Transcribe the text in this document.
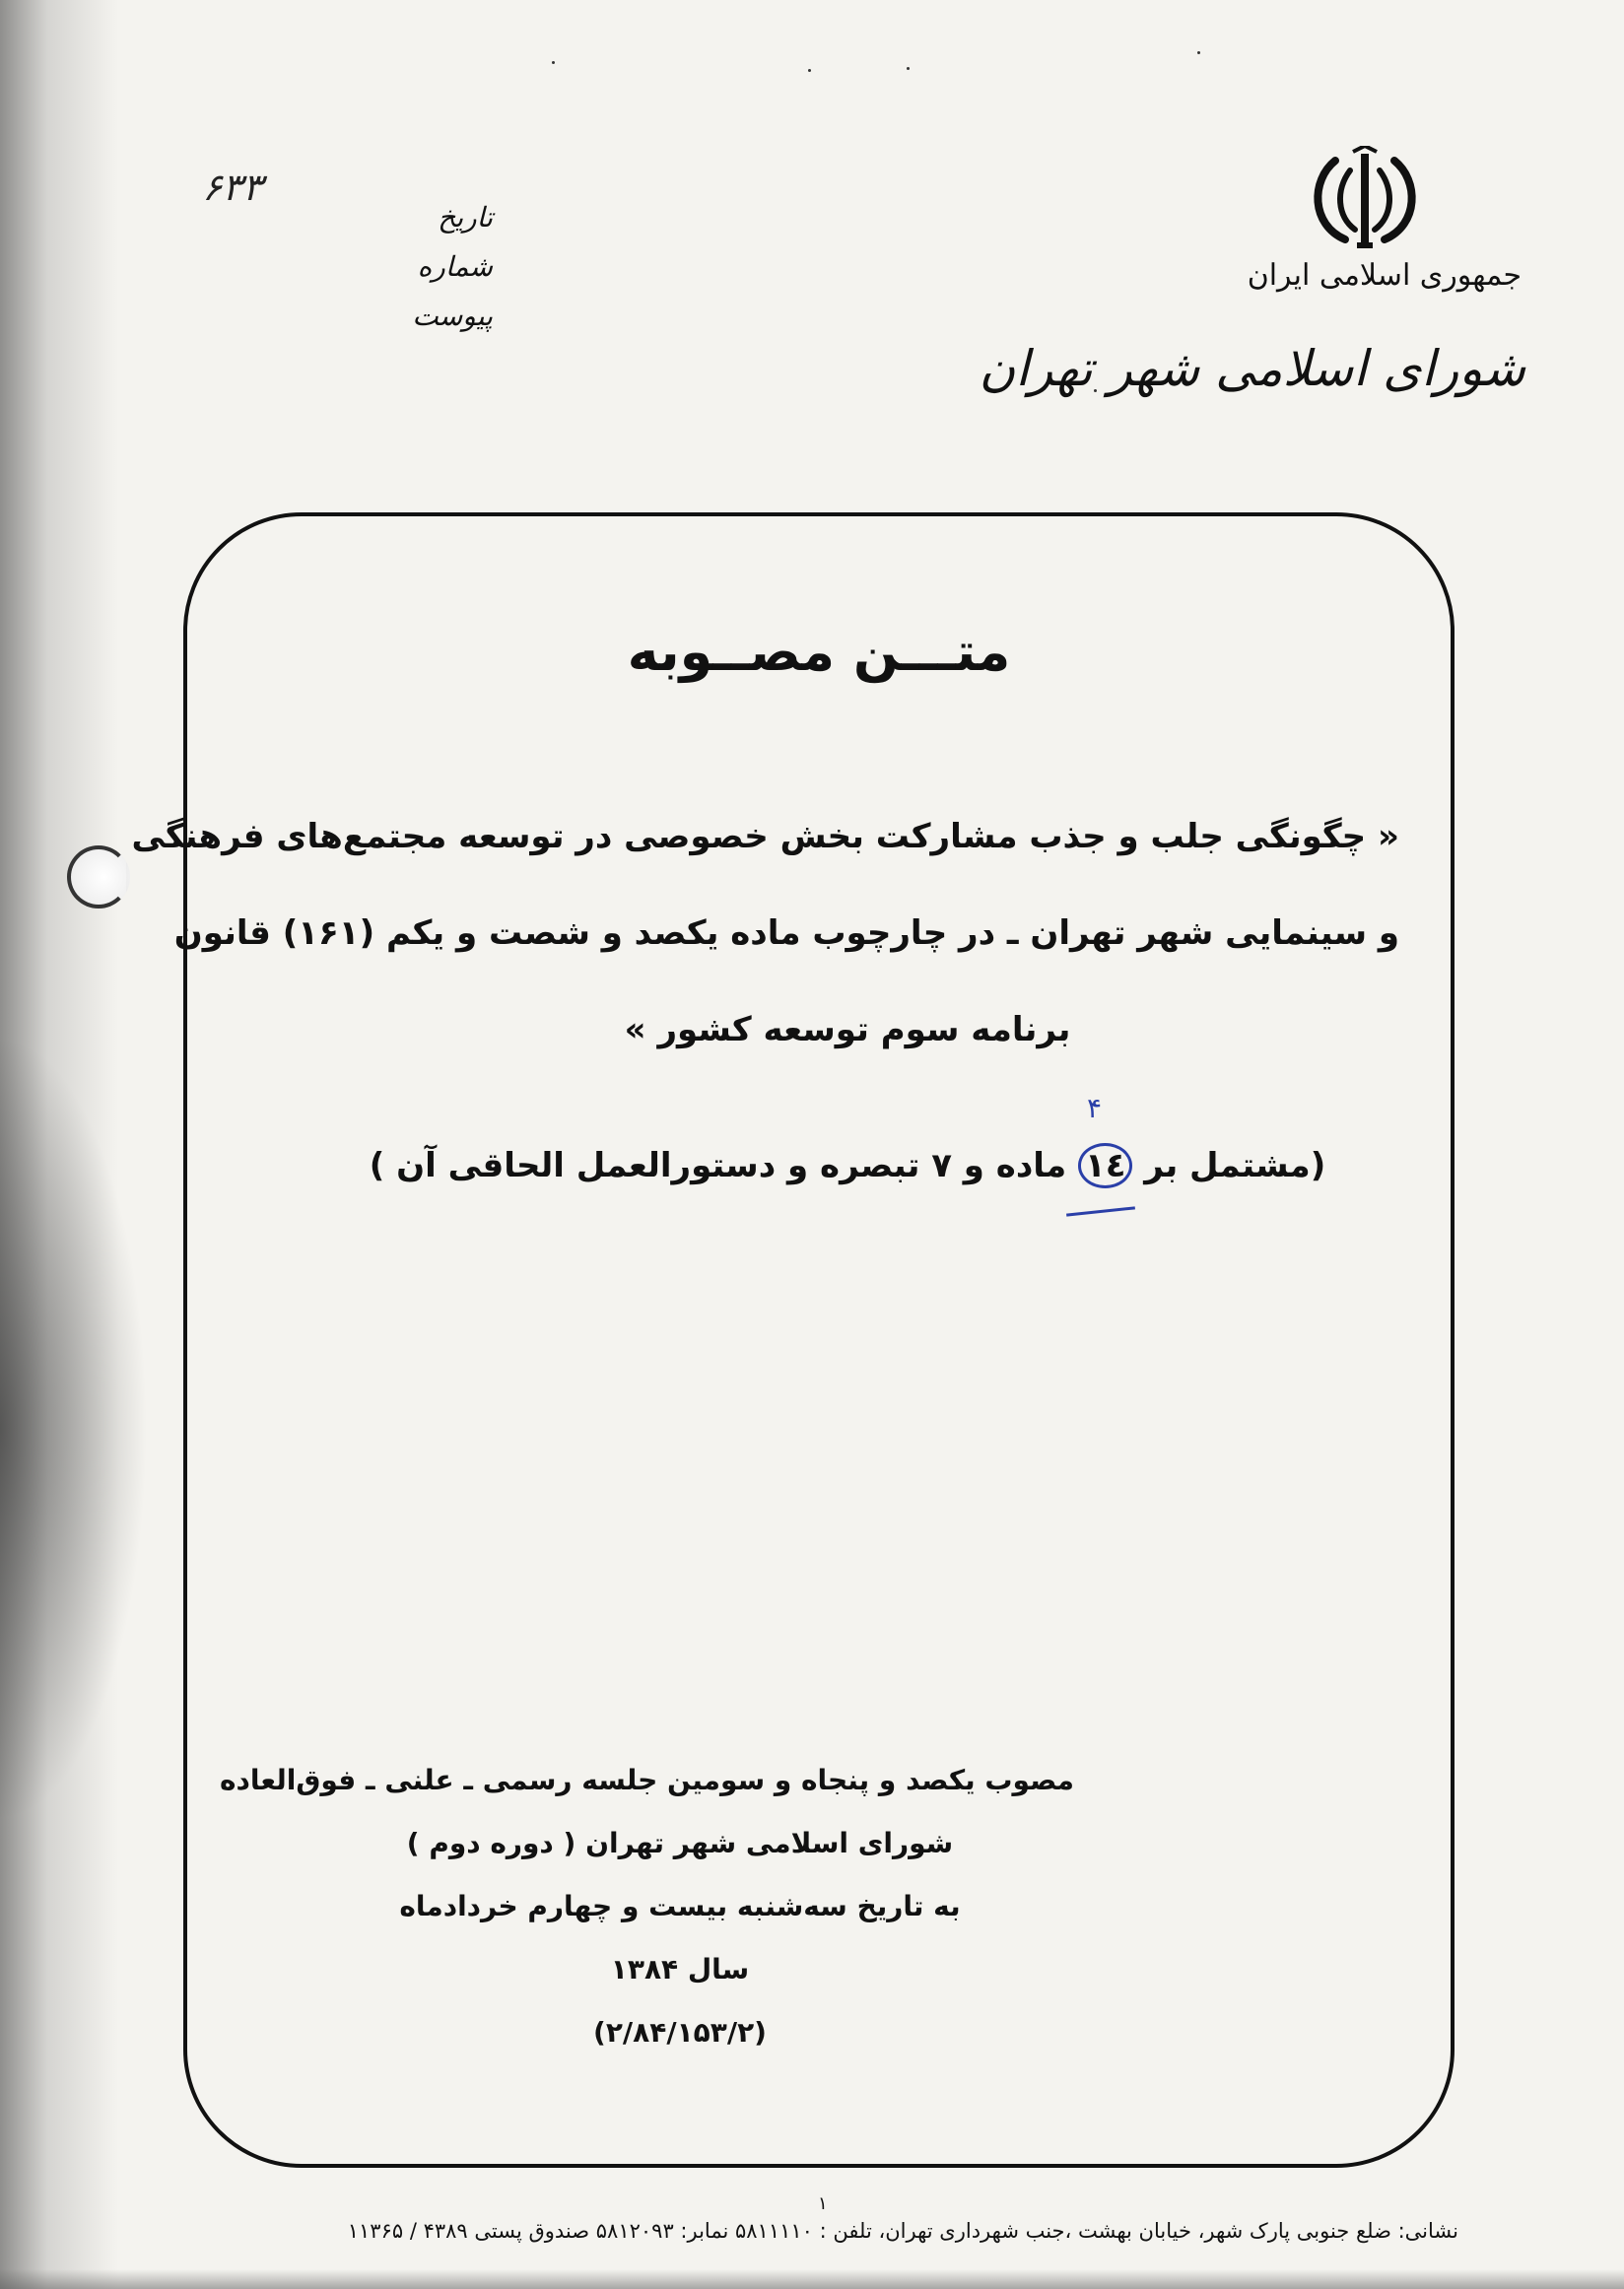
جمهوری اسلامی ایران
شورای اسلامی شهر تهران
۶۳۳
تاریخ
شماره
پیوست
متـــن مصــوبه
« چگونگی جلب و جذب مشارکت بخش خصوصی در توسعه مجتمع‌های فرهنگی
و سینمایی شهر تهران ـ در چارچوب ماده یکصد و شصت و یکم (۱۶۱) قانون
برنامه سوم توسعه کشور »
(مشتمل بر ۱٤ ماده و ۷ تبصره و دستورالعمل الحاقی آن )
۴
مصوب یکصد و پنجاه و سومین جلسه رسمی ـ علنی ـ فوق‌العاده
شورای اسلامی شهر تهران ( دوره دوم )
به تاریخ سه‌شنبه بیست و چهارم خردادماه
سال ۱۳۸۴
(۲/۸۴/۱۵۳/۲)
۱
نشانی: ضلع جنوبی پارک شهر، خیابان بهشت ،جنب شهرداری تهران، تلفن : ۵۸۱۱۱۱۰ نمابر: ۵۸۱۲۰۹۳ صندوق پستی ۴۳۸۹ / ۱۱۳۶۵
